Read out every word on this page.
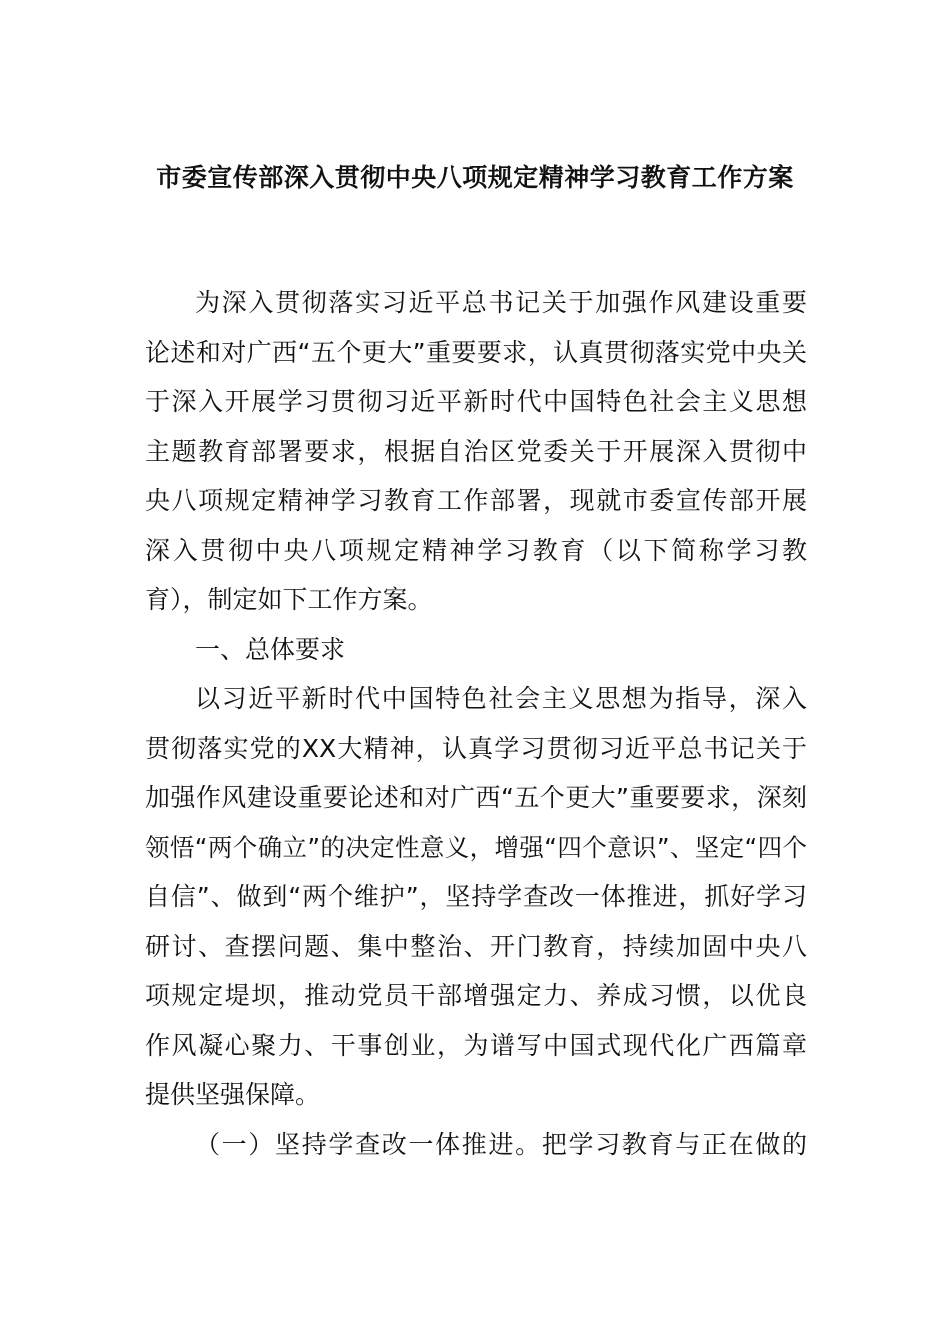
市委宣传部深入贯彻中央八项规定精神学习教育工作方案
为深入贯彻落实习近平总书记关于加强作风建设重要
论述和对广西“五个更大”重要要求，认真贯彻落实党中央关
于深入开展学习贯彻习近平新时代中国特色社会主义思想
主题教育部署要求，根据自治区党委关于开展深入贯彻中
央八项规定精神学习教育工作部署，现就市委宣传部开展
深入贯彻中央八项规定精神学习教育（以下简称学习教
育），制定如下工作方案。
一、总体要求
以习近平新时代中国特色社会主义思想为指导，深入
贯彻落实党的XX大精神，认真学习贯彻习近平总书记关于
加强作风建设重要论述和对广西“五个更大”重要要求，深刻
领悟“两个确立”的决定性意义，增强“四个意识”、坚定“四个
自信”、做到“两个维护”，坚持学查改一体推进，抓好学习
研讨、查摆问题、集中整治、开门教育，持续加固中央八
项规定堤坝，推动党员干部增强定力、养成习惯，以优良
作风凝心聚力、干事创业，为谱写中国式现代化广西篇章
提供坚强保障。
（一）坚持学查改一体推进。把学习教育与正在做的
